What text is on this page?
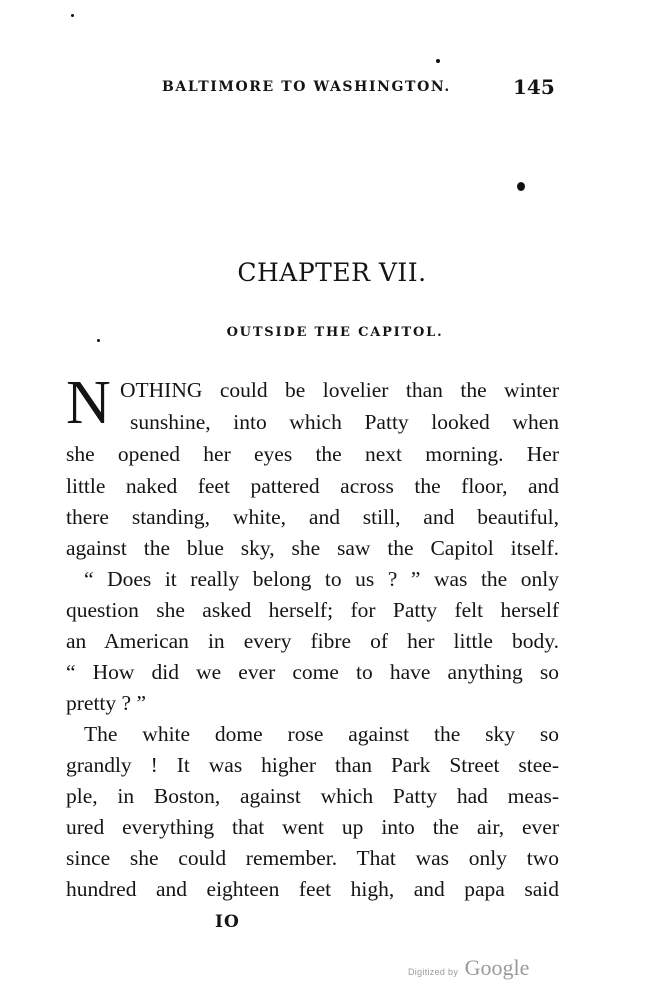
BALTIMORE TO WASHINGTON.	145
CHAPTER VII.
OUTSIDE THE CAPITOL.
N OTHING could be lovelier than the winter
sunshine, into which Patty looked when
she opened her eyes the next morning. Her
little naked feet pattered across the floor, and
there standing, white, and still, and beautiful,
against the blue sky, she saw the Capitol itself.
“ Does it really belong to us ? ” was the only
question she asked herself; for Patty felt herself
an American in every fibre of her little body.
“ How did we ever come to have anything so
pretty ? ”
The white dome rose against the sky so
grandly ! It was higher than Park Street stee-
ple, in Boston, against which Patty had meas-
ured everything that went up into the air, ever
since she could remember. That was only two
hundred and eighteen feet high, and papa said
IO
Digitized by Google
